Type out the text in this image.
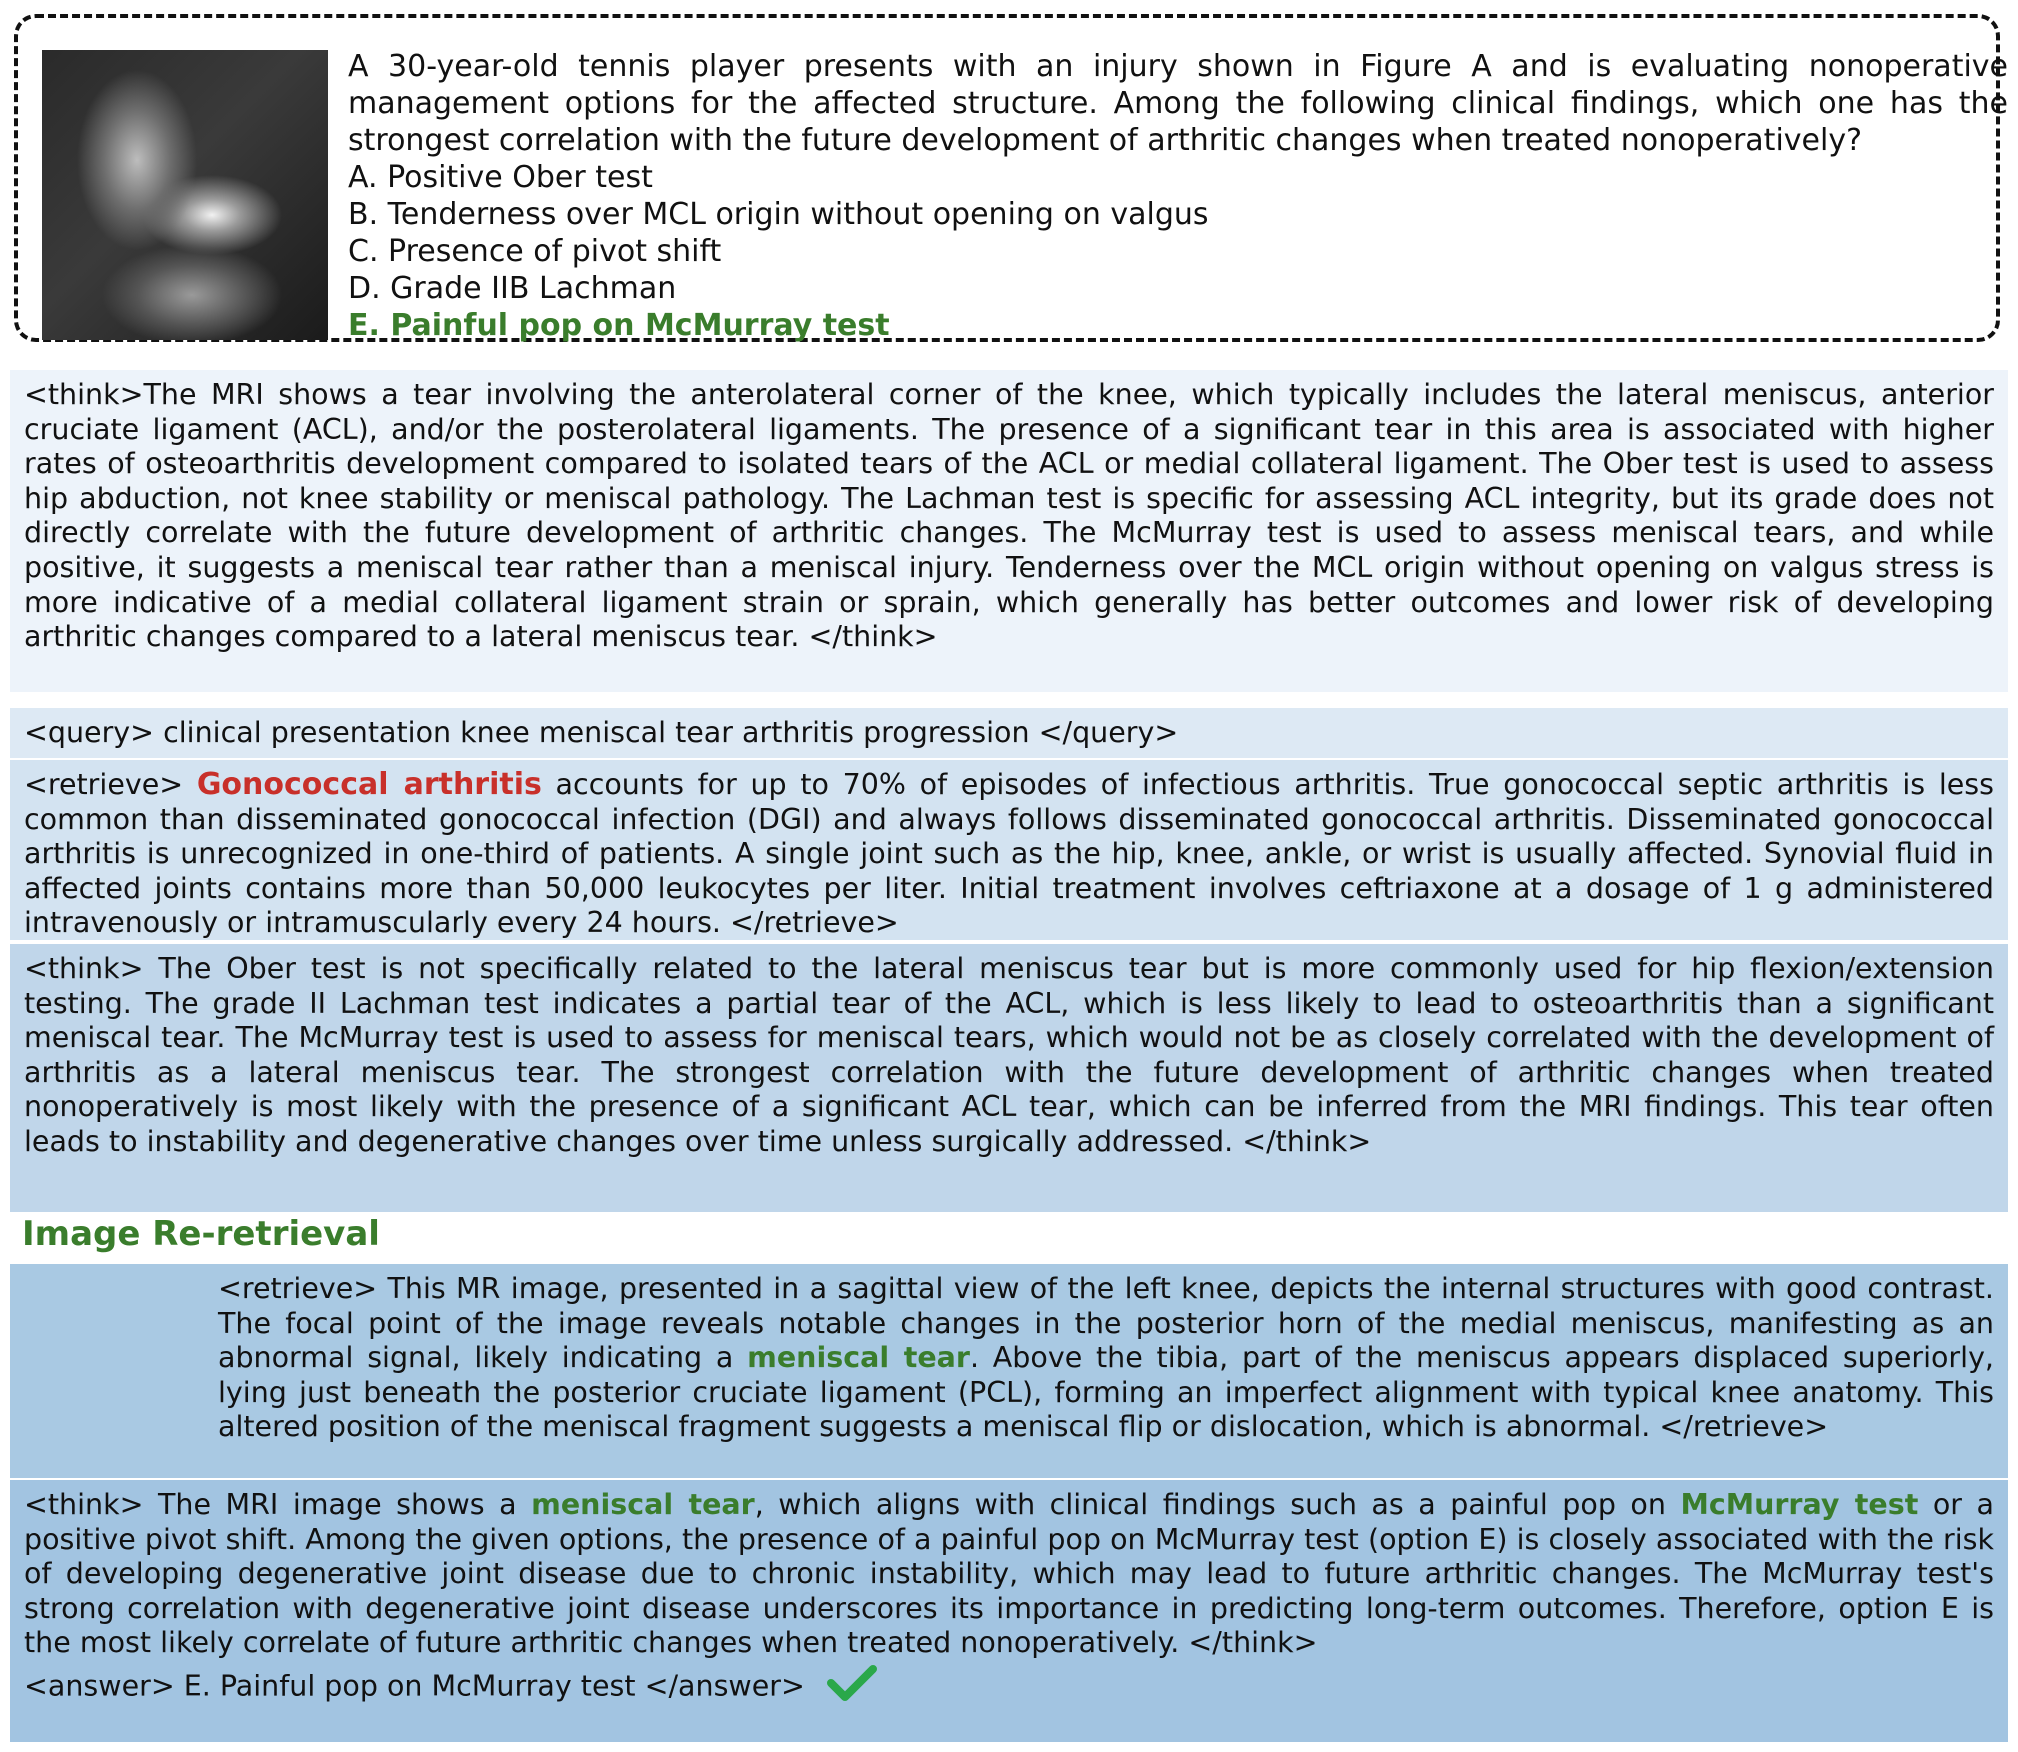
A 30-year-old tennis player presents with an injury shown in Figure A and is evaluating nonoperative management options for the affected structure. Among the following clinical findings, which one has the strongest correlation with the future development of arthritic changes when treated nonoperatively?
A. Positive Ober test
B. Tenderness over MCL origin without opening on valgus
C. Presence of pivot shift
D. Grade IIB Lachman
E. Painful pop on McMurray test
<think>The MRI shows a tear involving the anterolateral corner of the knee, which typically includes the lateral meniscus, anterior cruciate ligament (ACL), and/or the posterolateral ligaments. The presence of a significant tear in this area is associated with higher rates of osteoarthritis development compared to isolated tears of the ACL or medial collateral ligament. The Ober test is used to assess hip abduction, not knee stability or meniscal pathology. The Lachman test is specific for assessing ACL integrity, but its grade does not directly correlate with the future development of arthritic changes. The McMurray test is used to assess meniscal tears, and while positive, it suggests a meniscal tear rather than a meniscal injury. Tenderness over the MCL origin without opening on valgus stress is more indicative of a medial collateral ligament strain or sprain, which generally has better outcomes and lower risk of developing arthritic changes compared to a lateral meniscus tear. </think>
<query> clinical presentation knee meniscal tear arthritis progression </query>
<retrieve> Gonococcal arthritis accounts for up to 70% of episodes of infectious arthritis. True gonococcal septic arthritis is less common than disseminated gonococcal infection (DGI) and always follows disseminated gonococcal arthritis. Disseminated gonococcal arthritis is unrecognized in one-third of patients. A single joint such as the hip, knee, ankle, or wrist is usually affected. Synovial fluid in affected joints contains more than 50,000 leukocytes per liter. Initial treatment involves ceftriaxone at a dosage of 1 g administered intravenously or intramuscularly every 24 hours. </retrieve>
<think> The Ober test is not specifically related to the lateral meniscus tear but is more commonly used for hip flexion/extension testing. The grade II Lachman test indicates a partial tear of the ACL, which is less likely to lead to osteoarthritis than a significant meniscal tear. The McMurray test is used to assess for meniscal tears, which would not be as closely correlated with the development of arthritis as a lateral meniscus tear. The strongest correlation with the future development of arthritic changes when treated nonoperatively is most likely with the presence of a significant ACL tear, which can be inferred from the MRI findings. This tear often leads to instability and degenerative changes over time unless surgically addressed. </think>
Image Re-retrieval
<retrieve> This MR image, presented in a sagittal view of the left knee, depicts the internal structures with good contrast. The focal point of the image reveals notable changes in the posterior horn of the medial meniscus, manifesting as an abnormal signal, likely indicating a meniscal tear. Above the tibia, part of the meniscus appears displaced superiorly, lying just beneath the posterior cruciate ligament (PCL), forming an imperfect alignment with typical knee anatomy. This altered position of the meniscal fragment suggests a meniscal flip or dislocation, which is abnormal. </retrieve>
<think> The MRI image shows a meniscal tear, which aligns with clinical findings such as a painful pop on McMurray test or a positive pivot shift. Among the given options, the presence of a painful pop on McMurray test (option E) is closely associated with the risk of developing degenerative joint disease due to chronic instability, which may lead to future arthritic changes. The McMurray test's strong correlation with degenerative joint disease underscores its importance in predicting long-term outcomes. Therefore, option E is the most likely correlate of future arthritic changes when treated nonoperatively. </think>
<answer> E. Painful pop on McMurray test </answer>
